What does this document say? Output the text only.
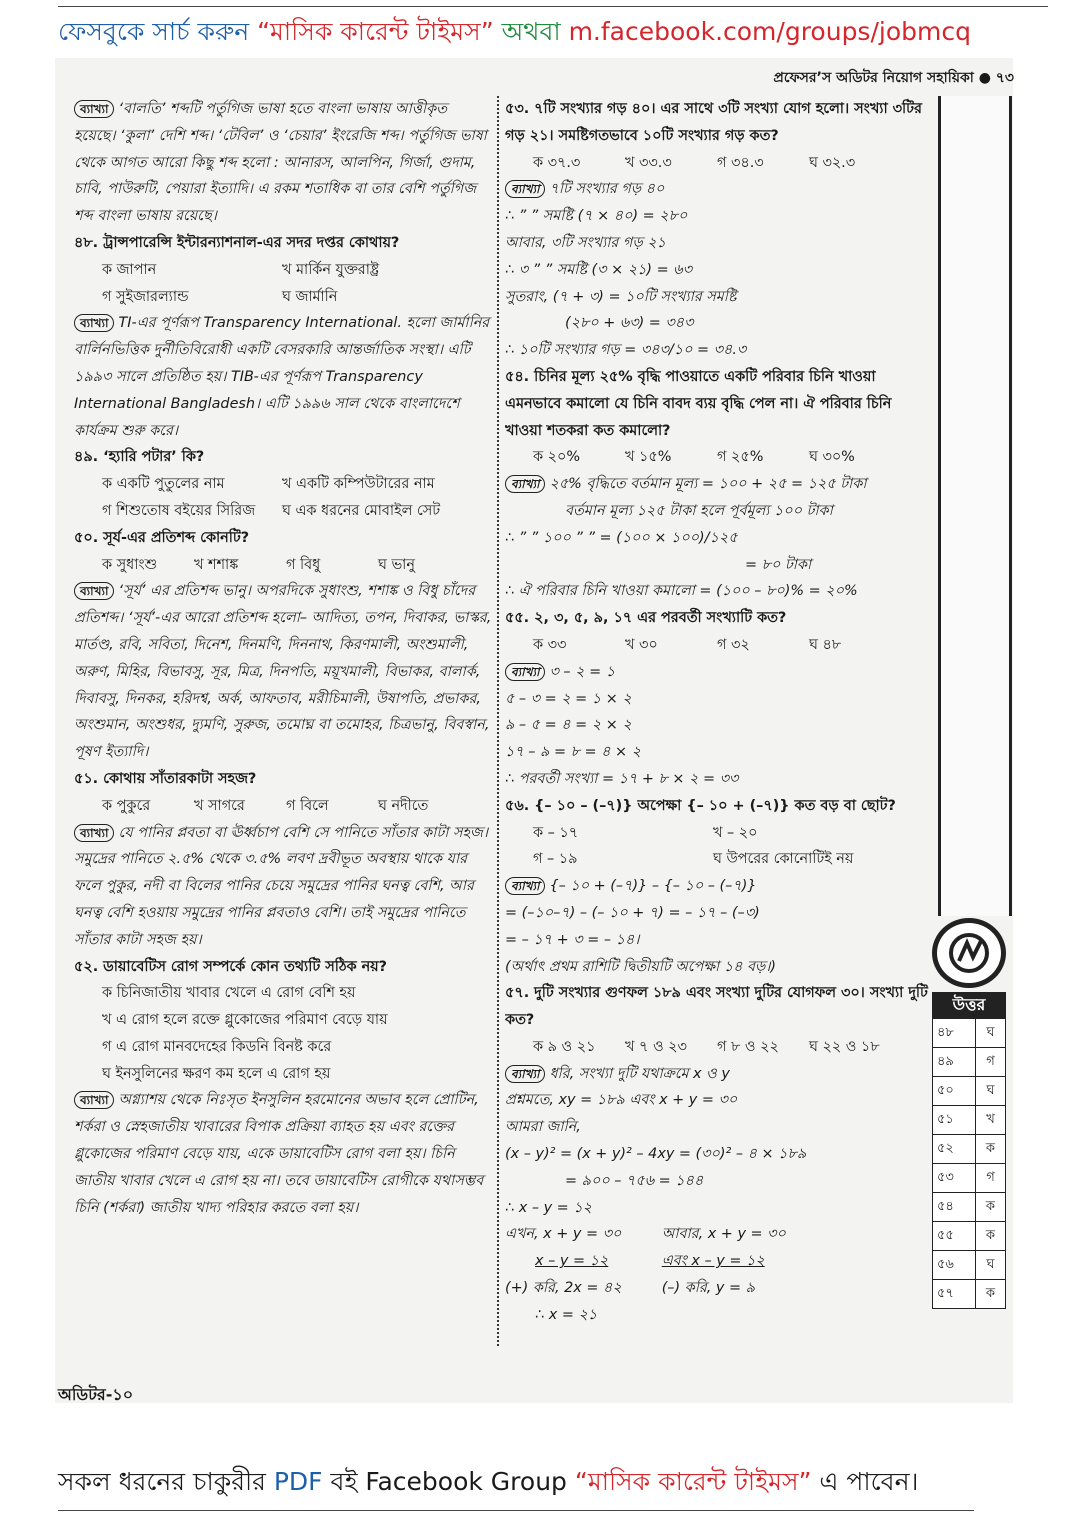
ফেসবুকে সার্চ করুন “মাসিক কারেন্ট টাইমস” অথবা m.facebook.com/groups/jobmcq
প্রফেসর’স অডিটর নিয়োগ সহায়িকা ● ৭৩
ব্যাখ্যা ‘বালতি’ শব্দটি পর্তুগিজ ভাষা হতে বাংলা ভাষায় আত্তীকৃত হয়েছে। ‘কুলা’ দেশি শব্দ। ‘টেবিল’ ও ‘চেয়ার’ ইংরেজি শব্দ। পর্তুগিজ ভাষা থেকে আগত আরো কিছু শব্দ হলো : আনারস, আলপিন, গির্জা, গুদাম, চাবি, পাউরুটি, পেয়ারা ইত্যাদি। এ রকম শতাধিক বা তার বেশি পর্তুগিজ শব্দ বাংলা ভাষায় রয়েছে।
৪৮. ট্রান্সপারেন্সি ইন্টারন্যাশনাল-এর সদর দপ্তর কোথায়?
ক জাপান	খ মার্কিন যুক্তরাষ্ট্র
গ সুইজারল্যান্ড	ঘ জার্মানি
ব্যাখ্যা TI-এর পূর্ণরূপ Transparency International. হলো জার্মানির বার্লিনভিত্তিক দুর্নীতিবিরোধী একটি বেসরকারি আন্তর্জাতিক সংস্থা। এটি ১৯৯৩ সালে প্রতিষ্ঠিত হয়। TIB-এর পূর্ণরূপ Transparency International Bangladesh। এটি ১৯৯৬ সাল থেকে বাংলাদেশে কার্যক্রম শুরু করে।
৪৯. ‘হ্যারি পটার’ কি?
ক একটি পুতুলের নাম	খ একটি কম্পিউটারের নাম
গ শিশুতোষ বইয়ের সিরিজ	ঘ এক ধরনের মোবাইল সেট
৫০. সূর্য-এর প্রতিশব্দ কোনটি?
ক সুধাংশু	খ শশাঙ্ক	গ বিধু	ঘ ভানু
ব্যাখ্যা ‘সূর্য’ এর প্রতিশব্দ ভানু। অপরদিকে সুধাংশু, শশাঙ্ক ও বিধু চাঁদের প্রতিশব্দ। ‘সূর্য’-এর আরো প্রতিশব্দ হলো– আদিত্য, তপন, দিবাকর, ভাস্কর, মার্তণ্ড, রবি, সবিতা, দিনেশ, দিনমণি, দিননাথ, কিরণমালী, অংশুমালী, অরুণ, মিহির, বিভাবসু, সূর, মিত্র, দিনপতি, ময়ূখমালী, বিভাকর, বালার্ক, দিবাবসু, দিনকর, হরিদশ্ব, অর্ক, আফতাব, মরীচিমালী, উষাপতি, প্রভাকর, অংশুমান, অংশুধর, দ্যুমণি, সুরুজ, তমোঘ্ন বা তমোহর, চিত্রভানু, বিবস্বান, পূষণ ইত্যাদি।
৫১. কোথায় সাঁতারকাটা সহজ?
ক পুকুরে	খ সাগরে	গ বিলে	ঘ নদীতে
ব্যাখ্যা যে পানির প্লবতা বা ঊর্ধ্বচাপ বেশি সে পানিতে সাঁতার কাটা সহজ। সমুদ্রের পানিতে ২.৫% থেকে ৩.৫% লবণ দ্রবীভূত অবস্থায় থাকে যার ফলে পুকুর, নদী বা বিলের পানির চেয়ে সমুদ্রের পানির ঘনত্ব বেশি, আর ঘনত্ব বেশি হওয়ায় সমুদ্রের পানির প্লবতাও বেশি। তাই সমুদ্রের পানিতে সাঁতার কাটা সহজ হয়।
৫২. ডায়াবেটিস রোগ সম্পর্কে কোন তথ্যটি সঠিক নয়?
ক চিনিজাতীয় খাবার খেলে এ রোগ বেশি হয়
খ এ রোগ হলে রক্তে গ্লুকোজের পরিমাণ বেড়ে যায়
গ এ রোগ মানবদেহের কিডনি বিনষ্ট করে
ঘ ইনসুলিনের ক্ষরণ কম হলে এ রোগ হয়
ব্যাখ্যা অগ্ন্যাশয় থেকে নিঃসৃত ইনসুলিন হরমোনের অভাব হলে প্রোটিন, শর্করা ও স্নেহজাতীয় খাবারের বিপাক প্রক্রিয়া ব্যাহত হয় এবং রক্তের গ্লুকোজের পরিমাণ বেড়ে যায়, একে ডায়াবেটিস রোগ বলা হয়। চিনি জাতীয় খাবার খেলে এ রোগ হয় না। তবে ডায়াবেটিস রোগীকে যথাসম্ভব চিনি (শর্করা) জাতীয় খাদ্য পরিহার করতে বলা হয়।
৫৩. ৭টি সংখ্যার গড় ৪০। এর সাথে ৩টি সংখ্যা যোগ হলো। সংখ্যা ৩টির গড় ২১। সমষ্টিগতভাবে ১০টি সংখ্যার গড় কত?
ক ৩৭.৩	খ ৩৩.৩	গ ৩৪.৩	ঘ ৩২.৩
ব্যাখ্যা ৭টি সংখ্যার গড় ৪০
∴ ” ” সমষ্টি (৭ × ৪০) = ২৮০
আবার, ৩টি সংখ্যার গড় ২১
∴ ৩ ” ” সমষ্টি (৩ × ২১) = ৬৩
সুতরাং, (৭ + ৩) = ১০টি সংখ্যার সমষ্টি
(২৮০ + ৬৩) = ৩৪৩
∴ ১০টি সংখ্যার গড় = ৩৪৩/১০ = ৩৪.৩
৫৪. চিনির মূল্য ২৫% বৃদ্ধি পাওয়াতে একটি পরিবার চিনি খাওয়া এমনভাবে কমালো যে চিনি বাবদ ব্যয় বৃদ্ধি পেল না। ঐ পরিবার চিনি খাওয়া শতকরা কত কমালো?
ক ২০%	খ ১৫%	গ ২৫%	ঘ ৩০%
ব্যাখ্যা ২৫% বৃদ্ধিতে বর্তমান মূল্য = ১০০ + ২৫ = ১২৫ টাকা
বর্তমান মূল্য ১২৫ টাকা হলে পূর্বমূল্য ১০০ টাকা
∴ ” ” ১০০ ” ” = (১০০ × ১০০)/১২৫
= ৮০ টাকা
∴ ঐ পরিবার চিনি খাওয়া কমালো = (১০০ – ৮০)% = ২০%
৫৫. ২, ৩, ৫, ৯, ১৭ এর পরবর্তী সংখ্যাটি কত?
ক ৩৩	খ ৩০	গ ৩২	ঘ ৪৮
ব্যাখ্যা ৩ – ২ = ১
৫ – ৩ = ২ = ১ × ২
৯ – ৫ = ৪ = ২ × ২
১৭ – ৯ = ৮ = ৪ × ২
∴ পরবর্তী সংখ্যা = ১৭ + ৮ × ২ = ৩৩
৫৬. {– ১০ – (–৭)} অপেক্ষা {– ১০ + (–৭)} কত বড় বা ছোট?
ক – ১৭	খ – ২০
গ – ১৯	ঘ উপরের কোনোটিই নয়
ব্যাখ্যা {– ১০ + (–৭)} – {– ১০ – (–৭)}
= (–১০–৭) – (– ১০ + ৭) = – ১৭ – (–৩)
= – ১৭ + ৩ = – ১৪।
(অর্থাৎ প্রথম রাশিটি দ্বিতীয়টি অপেক্ষা ১৪ বড়।)
৫৭. দুটি সংখ্যার গুণফল ১৮৯ এবং সংখ্যা দুটির যোগফল ৩০। সংখ্যা দুটি কত?
ক ৯ ও ২১	খ ৭ ও ২৩	গ ৮ ও ২২	ঘ ২২ ও ১৮
ব্যাখ্যা ধরি, সংখ্যা দুটি যথাক্রমে x ও y
প্রশ্নমতে, xy = ১৮৯ এবং x + y = ৩০
আমরা জানি,
(x – y)² = (x + y)² – 4xy = (৩০)² – ৪ × ১৮৯
= ৯০০ – ৭৫৬ = ১৪৪
∴ x – y = ১২
এখন, x + y = ৩০
x – y = ১২
(+) করি, 2x = ৪২
∴ x = ২১
আবার, x + y = ৩০
এবং x – y = ১২
(–) করি, y = ৯
উত্তর
৪৮	ঘ
৪৯	গ
৫০	ঘ
৫১	খ
৫২	ক
৫৩	গ
৫৪	ক
৫৫	ক
৫৬	ঘ
৫৭	ক
অডিটর-১০
সকল ধরনের চাকুরীর PDF বই Facebook Group “মাসিক কারেন্ট টাইমস” এ পাবেন।
